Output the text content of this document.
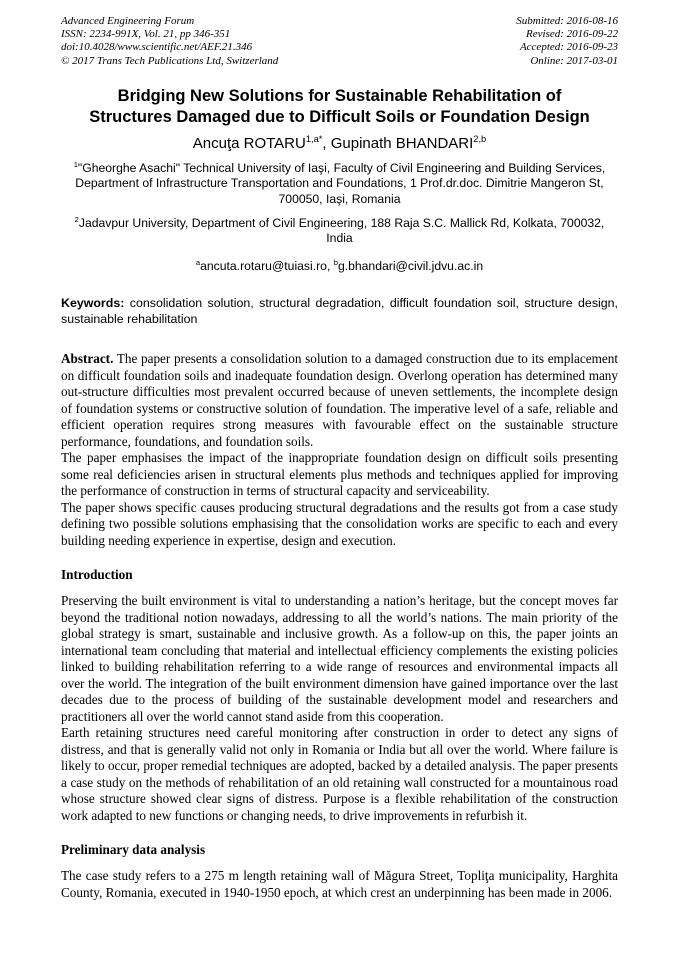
Advanced Engineering Forum
ISSN: 2234-991X, Vol. 21, pp 346-351
doi:10.4028/www.scientific.net/AEF.21.346
© 2017 Trans Tech Publications Ltd, Switzerland
Submitted: 2016-08-16
Revised: 2016-09-22
Accepted: 2016-09-23
Online: 2017-03-01
Bridging New Solutions for Sustainable Rehabilitation of Structures Damaged due to Difficult Soils or Foundation Design
Ancuţa $ROTARU^{1,a*}$, Gupinath BHANDARI$^{2,b}$

$^1$"Gheorghe Asachi" Technical University of Iaşi, Faculty of Civil Engineering and Building Services, Department of Infrastructure Transportation and Foundations, 1 Prof.dr.doc. Dimitrie Mangeron St, 700050, Iaşi, Romania

$^2$Jadavpur University, Department of Civil Engineering, 188 Raja S.C. Mallick Rd, Kolkata, 700032, India

$^a$ancuta.rotaru@tuiasi.ro, $^b$g.bhandari@civil.jdvu.ac.in

Keywords: consolidation solution, structural degradation, difficult foundation soil, structure design, sustainable rehabilitation

Abstract. The paper presents a consolidation solution to a damaged construction due to its emplacement on difficult foundation soils and inadequate foundation design. Overlong operation has determined many out-structure difficulties most prevalent occurred because of uneven settlements, the incomplete design of foundation systems or constructive solution of foundation. The imperative level of a safe, reliable and efficient operation requires strong measures with favourable effect on the sustainable structure performance, foundations, and foundation soils.

The paper emphasises the impact of the inappropriate foundation design on difficult soils presenting some real deficiencies arisen in structural elements plus methods and techniques applied for improving the performance of construction in terms of structural capacity and serviceability.

The paper shows specific causes producing structural degradations and the results got from a case study defining two possible solutions emphasising that the consolidation works are specific to each and every building needing experience in expertise, design and execution.

Introduction

Preserving the built environment is vital to understanding a nation’s heritage, but the concept moves far beyond the traditional notion nowadays, addressing to all the world’s nations. The main priority of the global strategy is smart, sustainable and inclusive growth. As a follow-up on this, the paper joints an international team concluding that material and intellectual efficiency complements the existing policies linked to building rehabilitation referring to a wide range of resources and environmental impacts all over the world. The integration of the built environment dimension have gained importance over the last decades due to the process of building of the sustainable development model and researchers and practitioners all over the world cannot stand aside from this cooperation.

Earth retaining structures need careful monitoring after construction in order to detect any signs of distress, and that is generally valid not only in Romania or India but all over the world. Where failure is likely to occur, proper remedial techniques are adopted, backed by a detailed analysis. The paper presents a case study on the methods of rehabilitation of an old retaining wall constructed for a mountainous road whose structure showed clear signs of distress. Purpose is a flexible rehabilitation of the construction work adapted to new functions or changing needs, to drive improvements in refurbish it.

Preliminary data analysis

The case study refers to a 275 m length retaining wall of Măgura Street, Topliţa municipality, Harghita County, Romania, executed in 1940-1950 epoch, at which crest an underpinning has been made in 2006.
